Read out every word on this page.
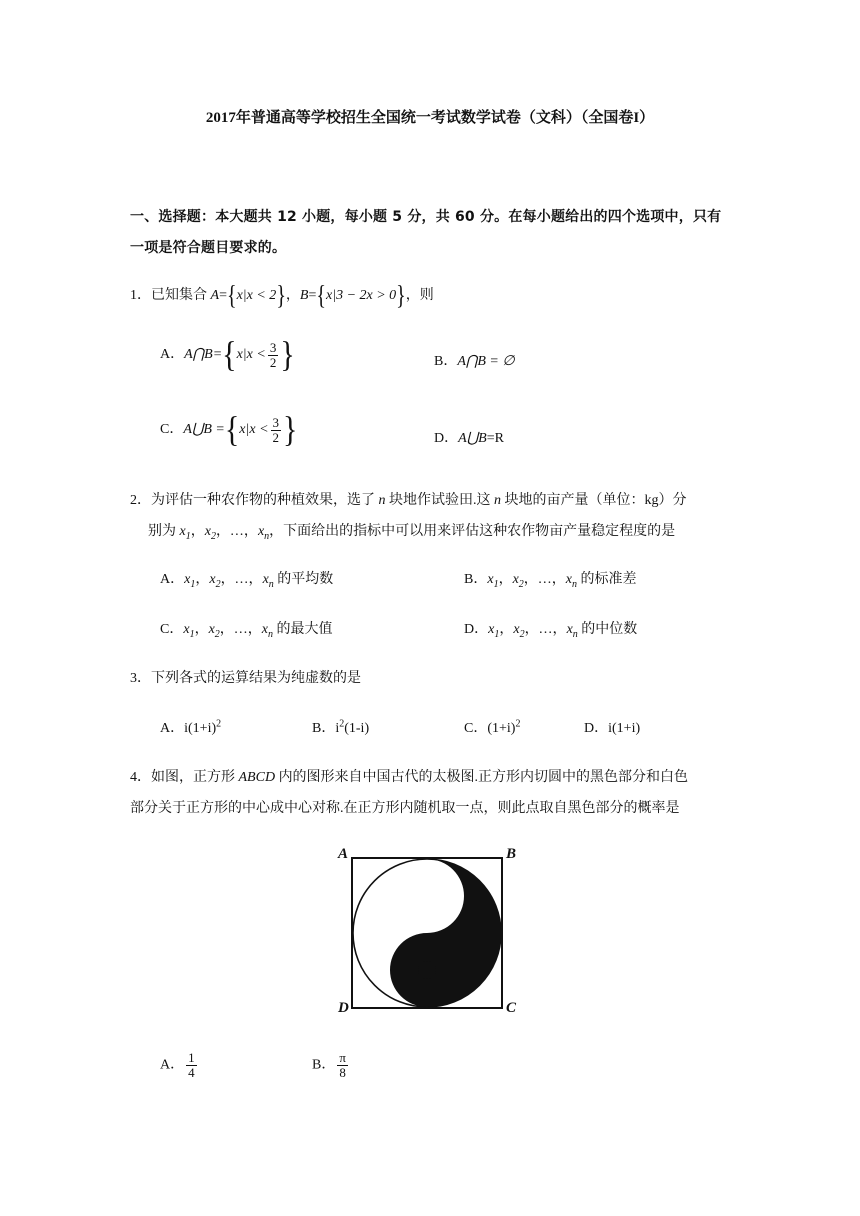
2017年普通高等学校招生全国统一考试数学试卷（文科）（全国卷I）
一、选择题：本大题共 12 小题，每小题 5 分，共 60 分。在每小题给出的四个选项中，只有
一项是符合题目要求的。
1．已知集合 A={x|x < 2}，B={x|3 − 2x > 0}，则
A．A⋂B={x|x < $\frac{3}{2}$ }	B．A⋂B = ∅
C．A⋃B $=\{x|x < \frac{3}{2}$ }	D．A⋃B=R
2．为评估一种农作物的种植效果，选了 n 块地作试验田.这 n 块地的亩产量（单位：kg）分
别为 $x_1$，$x_2$，…，$x_n$，下面给出的指标中可以用来评估这种农作物亩产量稳定程度的是
A．$x_1$，$x_2$，…，$x_n$ 的平均数	B．$x_1$，$x_2$，…，$x_n$ 的标准差
C．$x_1$，$x_2$，…，$x_n$ 的最大值	D．$x_1$，$x_2$，…，$x_n$ 的中位数
3．下列各式的运算结果为纯虚数的是
A．$i(1+i)^2$	B．$i^2(1-i)$	C．$(1+i)^2$	D．i(1+i)
4．如图，正方形 ABCD 内的图形来自中国古代的太极图.正方形内切圆中的黑色部分和白色
部分关于正方形的中心成中心对称.在正方形内随机取一点，则此点取自黑色部分的概率是
A	B
C
D
A． $\frac{1}{4}$	B． $\frac{\pi}{8}$
